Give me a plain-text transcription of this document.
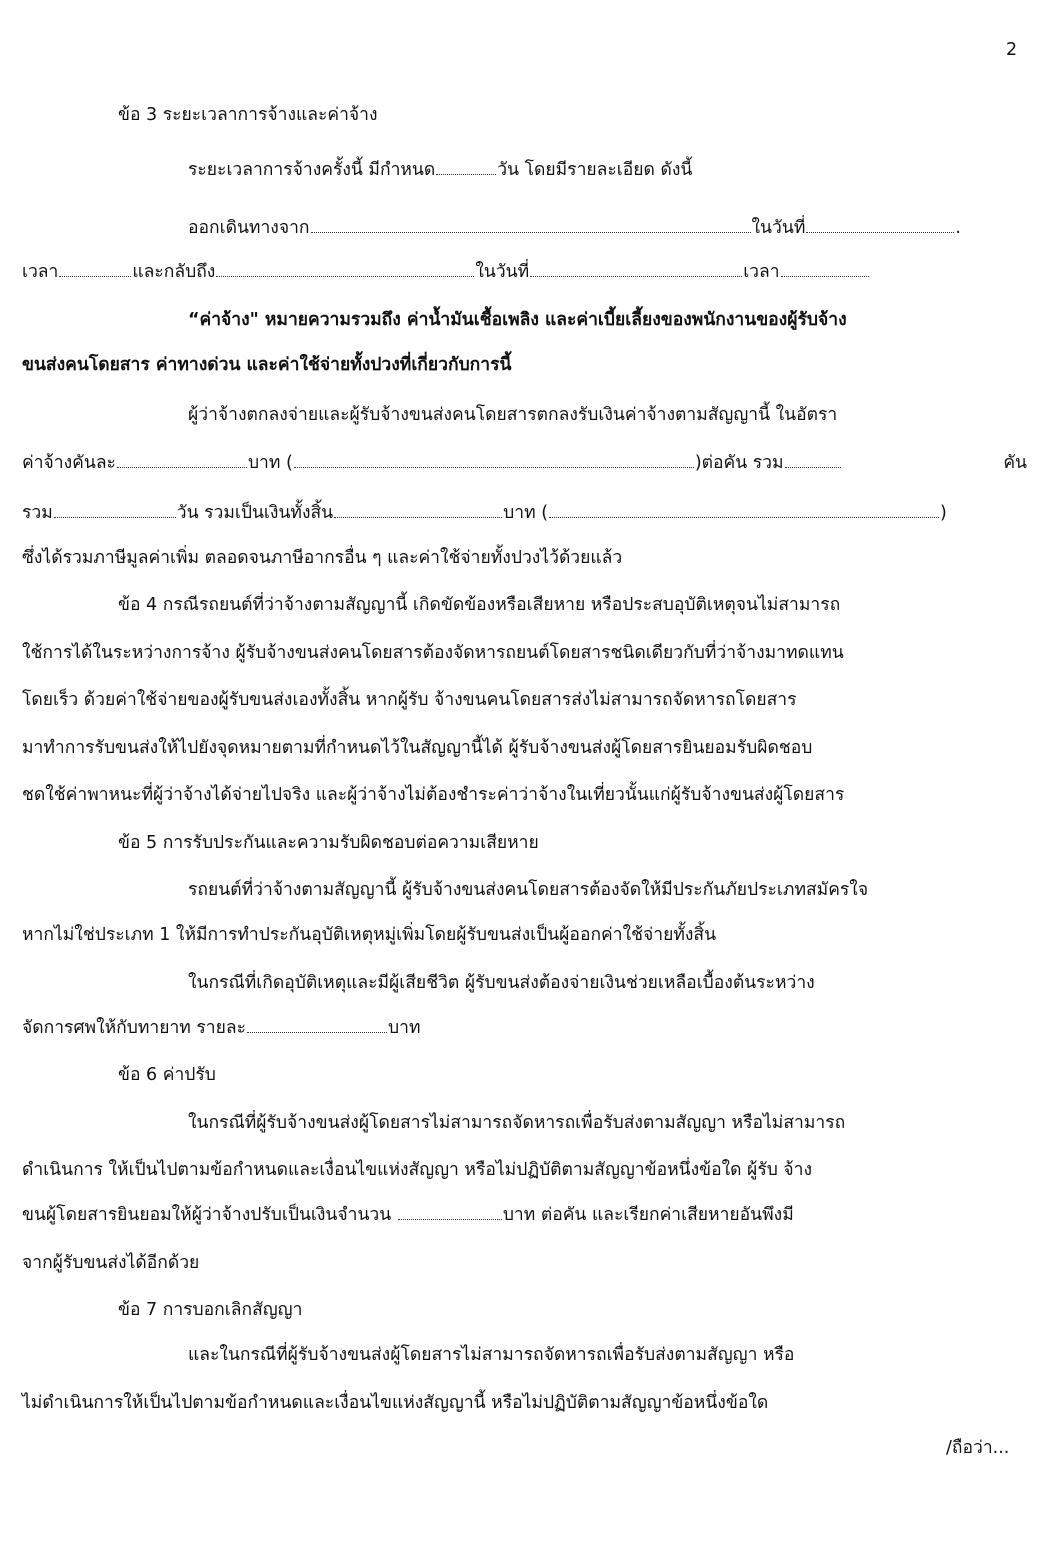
2
ข้อ 3 ระยะเวลาการจ้างและค่าจ้าง
ระยะเวลาการจ้างครั้งนี้ มีกำหนด	วัน โดยมีรายละเอียด ดังนี้
ออกเดินทางจาก	ในวันที่	.
เวลา	และกลับถึง	ในวันที่	เวลา
“ค่าจ้าง" หมายความรวมถึง ค่าน้ำมันเชื้อเพลิง และค่าเบี้ยเลี้ยงของพนักงานของผู้รับจ้าง
ขนส่งคนโดยสาร ค่าทางด่วน และค่าใช้จ่ายทั้งปวงที่เกี่ยวกับการนี้
ผู้ว่าจ้างตกลงจ่ายและผู้รับจ้างขนส่งคนโดยสารตกลงรับเงินค่าจ้างตามสัญญานี้ ในอัตรา
ค่าจ้างคันละ	บาท (	)ต่อคัน รวม	คัน
รวม	วัน รวมเป็นเงินทั้งสิ้น	บาท (	)
ซึ่งได้รวมภาษีมูลค่าเพิ่ม ตลอดจนภาษีอากรอื่น ๆ และค่าใช้จ่ายทั้งปวงไว้ด้วยแล้ว
ข้อ 4 กรณีรถยนต์ที่ว่าจ้างตามสัญญานี้ เกิดขัดข้องหรือเสียหาย หรือประสบอุบัติเหตุจนไม่สามารถ
ใช้การได้ในระหว่างการจ้าง ผู้รับจ้างขนส่งคนโดยสารต้องจัดหารถยนต์โดยสารชนิดเดียวกับที่ว่าจ้างมาทดแทน
โดยเร็ว ด้วยค่าใช้จ่ายของผู้รับขนส่งเองทั้งสิ้น หากผู้รับ จ้างขนคนโดยสารส่งไม่สามารถจัดหารถโดยสาร
มาทำการรับขนส่งให้ไปยังจุดหมายตามที่กำหนดไว้ในสัญญานี้ได้ ผู้รับจ้างขนส่งผู้โดยสารยินยอมรับผิดชอบ
ชดใช้ค่าพาหนะที่ผู้ว่าจ้างได้จ่ายไปจริง และผู้ว่าจ้างไม่ต้องชำระค่าว่าจ้างในเที่ยวนั้นแก่ผู้รับจ้างขนส่งผู้โดยสาร
ข้อ 5 การรับประกันและความรับผิดชอบต่อความเสียหาย
รถยนต์ที่ว่าจ้างตามสัญญานี้ ผู้รับจ้างขนส่งคนโดยสารต้องจัดให้มีประกันภัยประเภทสมัครใจ
หากไม่ใช่ประเภท 1 ให้มีการทำประกันอุบัติเหตุหมู่เพิ่มโดยผู้รับขนส่งเป็นผู้ออกค่าใช้จ่ายทั้งสิ้น
ในกรณีที่เกิดอุบัติเหตุและมีผู้เสียชีวิต ผู้รับขนส่งต้องจ่ายเงินช่วยเหลือเบื้องต้นระหว่าง
จัดการศพให้กับทายาท รายละ	บาท
ข้อ 6 ค่าปรับ
ในกรณีที่ผู้รับจ้างขนส่งผู้โดยสารไม่สามารถจัดหารถเพื่อรับส่งตามสัญญา หรือไม่สามารถ
ดำเนินการ ให้เป็นไปตามข้อกำหนดและเงื่อนไขแห่งสัญญา หรือไม่ปฏิบัติตามสัญญาข้อหนึ่งข้อใด ผู้รับ จ้าง
ขนผู้โดยสารยินยอมให้ผู้ว่าจ้างปรับเป็นเงินจำนวน	บาท ต่อคัน และเรียกค่าเสียหายอันพึงมี
จากผู้รับขนส่งได้อีกด้วย
ข้อ 7 การบอกเลิกสัญญา
และในกรณีที่ผู้รับจ้างขนส่งผู้โดยสารไม่สามารถจัดหารถเพื่อรับส่งตามสัญญา หรือ
ไม่ดำเนินการให้เป็นไปตามข้อกำหนดและเงื่อนไขแห่งสัญญานี้ หรือไม่ปฏิบัติตามสัญญาข้อหนึ่งข้อใด
/ถือว่า...
